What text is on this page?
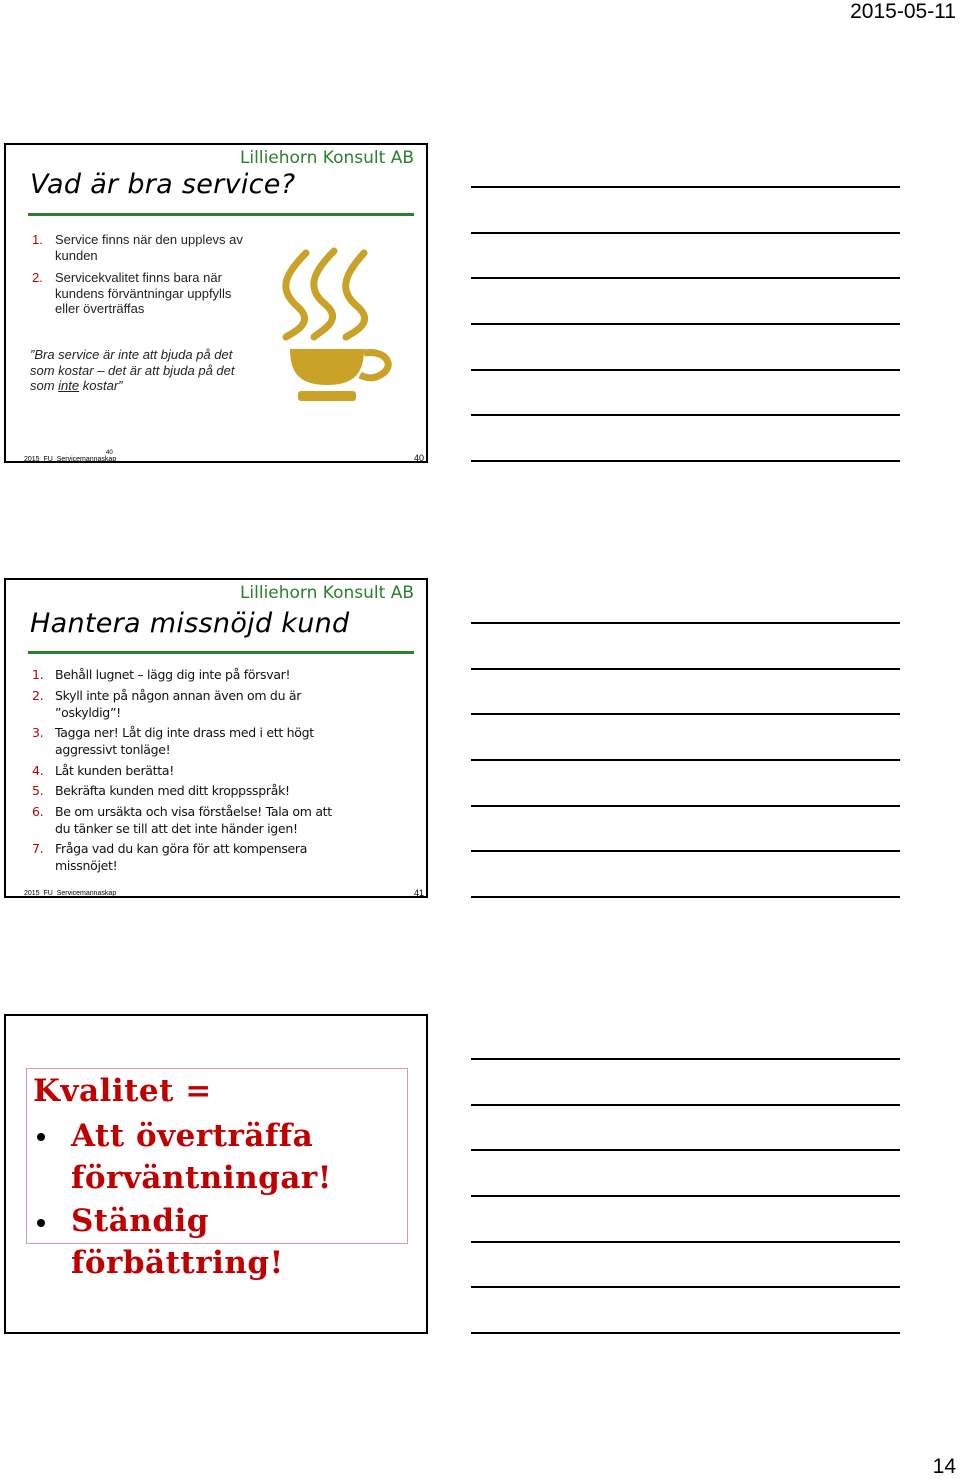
2015-05-11
Lilliehorn Konsult AB
Vad är bra service?
1. Service finns när den upplevs av kunden
2. Servicekvalitet finns bara när kundens förväntningar uppfylls eller överträffas
”Bra service är inte att bjuda på det som kostar – det är att bjuda på det som inte kostar”
2015_FU_Servicemannaskap
40	40
Lilliehorn Konsult AB
Hantera missnöjd kund
1. Behåll lugnet – lägg dig inte på försvar!
2. Skyll inte på någon annan även om du är ”oskyldig”!
3. Tagga ner! Låt dig inte drass med i ett högt aggressivt tonläge!
4. Låt kunden berätta!
5. Bekräfta kunden med ditt kroppsspråk!
6. Be om ursäkta och visa förståelse! Tala om att du tänker se till att det inte händer igen!
7. Fråga vad du kan göra för att kompensera missnöjet!
2015_FU_Servicemannaskap	41
Kvalitet =
Att överträffa
förväntningar!
Ständig förbättring!
14
